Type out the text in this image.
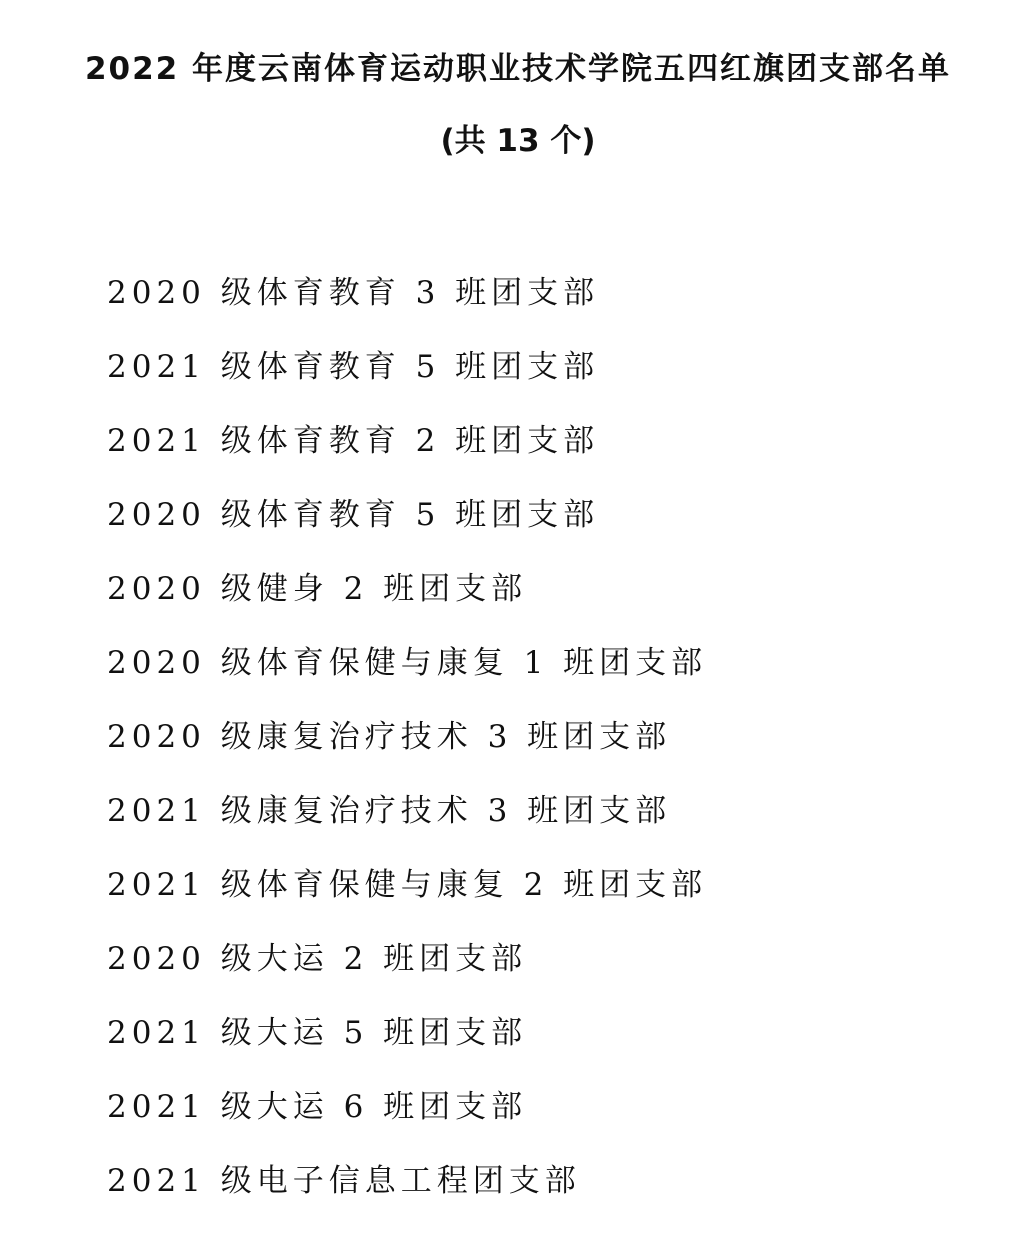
2022 年度云南体育运动职业技术学院五四红旗团支部名单
(共 13 个)
2020 级体育教育 3 班团支部
2021 级体育教育 5 班团支部
2021 级体育教育 2 班团支部
2020 级体育教育 5 班团支部
2020 级健身 2 班团支部
2020 级体育保健与康复 1 班团支部
2020 级康复治疗技术 3 班团支部
2021 级康复治疗技术 3 班团支部
2021 级体育保健与康复 2 班团支部
2020 级大运 2 班团支部
2021 级大运 5 班团支部
2021 级大运 6 班团支部
2021 级电子信息工程团支部
